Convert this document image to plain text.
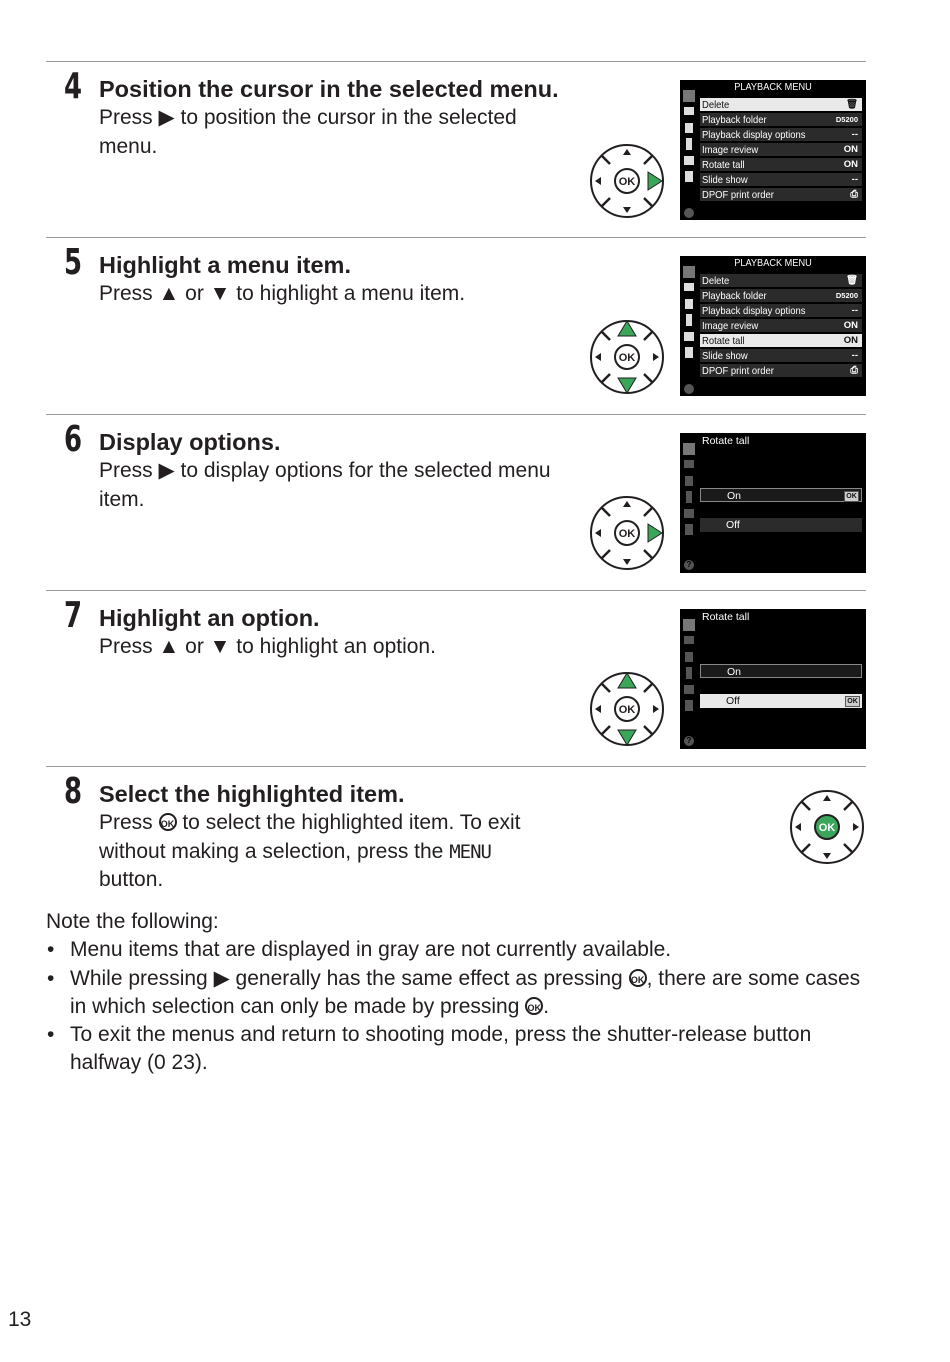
4 Position the cursor in the selected menu.
Press ▶ to position the cursor in the selected menu.
OK
PLAYBACK MENU
Delete	🗑
Playback folder	D5200
Playback display options	--
Image review	ON
Rotate tall	ON
Slide show	--
DPOF print order	⎙
5 Highlight a menu item.
Press ▲ or ▼ to highlight a menu item.
OK
PLAYBACK MENU
Delete	🗑
Playback folder	D5200
Playback display options	--
Image review	ON
Rotate tall	ON
Slide show	--
DPOF print order	⎙
6 Display options.
Press ▶ to display options for the selected menu item.
OK
Rotate tall
On	OK
Off
?
7 Highlight an option.
Press ▲ or ▼ to highlight an option.
OK
Rotate tall
On
Off	OK
?
8 Select the highlighted item.
Press OK to select the highlighted item. To exit without making a selection, press the MENU
button.
OK
Note the following:
• Menu items that are displayed in gray are not currently available.
• While pressing ▶ generally has the same effect as pressing OK , there are some cases in which selection can only be made by pressing OK .
• To exit the menus and return to shooting mode, press the shutter-release button halfway (0 23).
13
